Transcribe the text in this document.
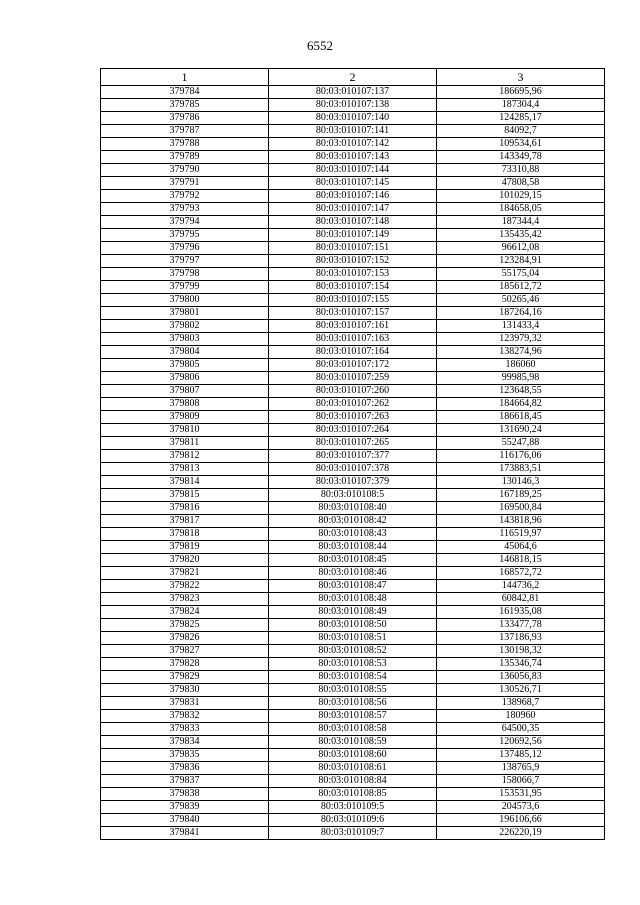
6552
1	2	3
379784	80:03:010107:137	186695,96
379785	80:03:010107:138	187304,4
379786	80:03:010107:140	124285,17
379787	80:03:010107:141	84092,7
379788	80:03:010107:142	109534,61
379789	80:03:010107:143	143349,78
379790	80:03:010107:144	73310,88
379791	80:03:010107:145	47808,58
379792	80:03:010107:146	101029,15
379793	80:03:010107:147	184658,05
379794	80:03:010107:148	187344,4
379795	80:03:010107:149	135435,42
379796	80:03:010107:151	96612,08
379797	80:03:010107:152	123284,91
379798	80:03:010107:153	55175,04
379799	80:03:010107:154	185612,72
379800	80:03:010107:155	50265,46
379801	80:03:010107:157	187264,16
379802	80:03:010107:161	131433,4
379803	80:03:010107:163	123979,32
379804	80:03:010107:164	138274,96
379805	80:03:010107:172	186060
379806	80:03:010107:259	99985,98
379807	80:03:010107:260	123648,55
379808	80:03:010107:262	184664,82
379809	80:03:010107:263	186618,45
379810	80:03:010107:264	131690,24
379811	80:03:010107:265	55247,88
379812	80:03:010107:377	116176,06
379813	80:03:010107:378	173883,51
379814	80:03:010107:379	130146,3
379815	80:03:010108:5	167189,25
379816	80:03:010108:40	169500,84
379817	80:03:010108:42	143818,96
379818	80:03:010108:43	116519,97
379819	80:03:010108:44	45064,6
379820	80:03:010108:45	146818,15
379821	80:03:010108:46	168572,72
379822	80:03:010108:47	144736,2
379823	80:03:010108:48	60842,81
379824	80:03:010108:49	161935,08
379825	80:03:010108:50	133477,78
379826	80:03:010108:51	137186,93
379827	80:03:010108:52	130198,32
379828	80:03:010108:53	135346,74
379829	80:03:010108:54	136056,83
379830	80:03:010108:55	130526,71
379831	80:03:010108:56	138968,7
379832	80:03:010108:57	180960
379833	80:03:010108:58	64500,35
379834	80:03:010108:59	120692,56
379835	80:03:010108:60	137485,12
379836	80:03:010108:61	138765,9
379837	80:03:010108:84	158066,7
379838	80:03:010108:85	153531,95
379839	80:03:010109:5	204573,6
379840	80:03:010109:6	196106,66
379841	80:03:010109:7	226220,19
